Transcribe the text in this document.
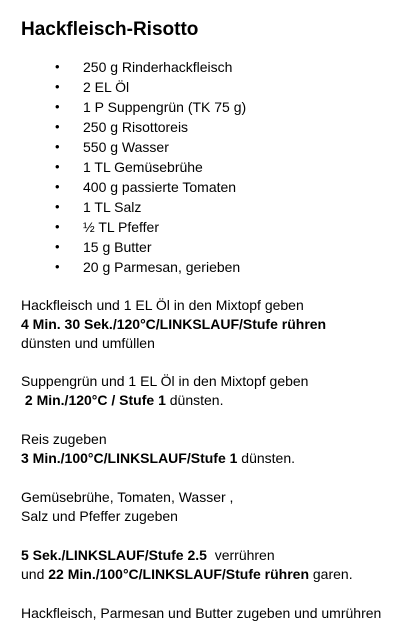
Hackfleisch-Risotto
• 250 g Rinderhackfleisch
• 2 EL Öl
• 1 P Suppengrün (TK 75 g)
• 250 g Risottoreis
• 550 g Wasser
• 1 TL Gemüsebrühe
• 400 g passierte Tomaten
• 1 TL Salz
• ½ TL Pfeffer
• 15 g Butter
• 20 g Parmesan, gerieben

Hackfleisch und 1 EL Öl in den Mixtopf geben

4 Min. 30 Sek./120°C/LINKSLAUF/Stufe rühren

dünsten und umfüllen

Suppengrün und 1 EL Öl in den Mixtopf geben

2 Min./120°C / Stufe 1 dünsten.

Reis zugeben

3 Min./100°C/LINKSLAUF/Stufe 1 dünsten.

Gemüsebrühe, Tomaten, Wasser ,

Salz und Pfeffer zugeben

5 Sek./LINKSLAUF/Stufe 2.5  verrühren

und 22 Min./100°C/LINKSLAUF/Stufe rühren garen.

Hackfleisch, Parmesan und Butter zugeben und umrühren
